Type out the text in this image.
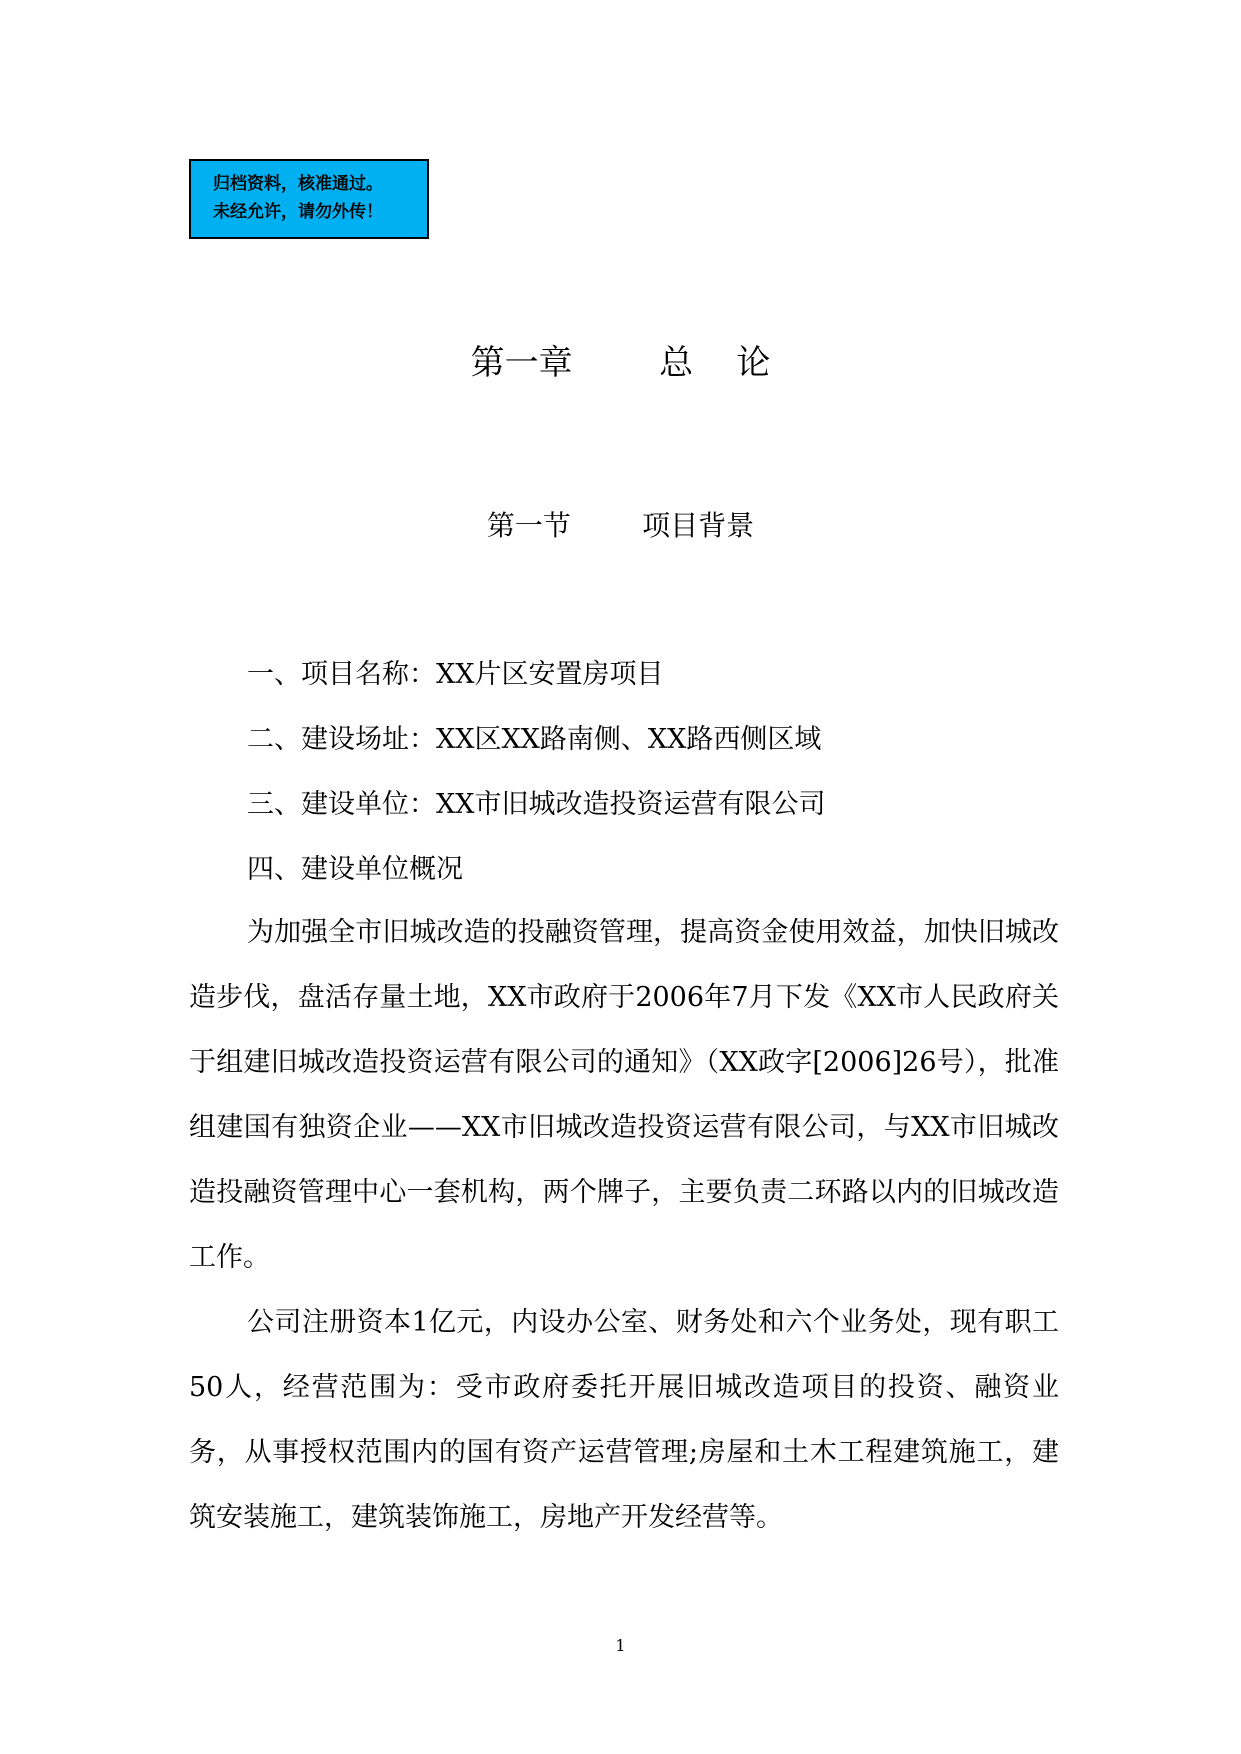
归档资料，核准通过。
未经允许，请勿外传！
第一章        总    论
第一节        项目背景

一、项目名称：XX片区安置房项目

二、建设场址：XX区XX路南侧、XX路西侧区域

三、建设单位：XX市旧城改造投资运营有限公司

四、建设单位概况

为加强全市旧城改造的投融资管理，提高资金使用效益，加快旧城改造步伐，盘活存量土地，XX市政府于2006年7月下发《XX市人民政府关于组建旧城改造投资运营有限公司的通知》（XX政字[2006]26号），批准组建国有独资企业——XX市旧城改造投资运营有限公司，与XX市旧城改造投融资管理中心一套机构，两个牌子，主要负责二环路以内的旧城改造工作。

公司注册资本1亿元，内设办公室、财务处和六个业务处，现有职工50人，经营范围为：受市政府委托开展旧城改造项目的投资、融资业务，从事授权范围内的国有资产运营管理;房屋和土木工程建筑施工，建筑安装施工，建筑装饰施工，房地产开发经营等。

1
